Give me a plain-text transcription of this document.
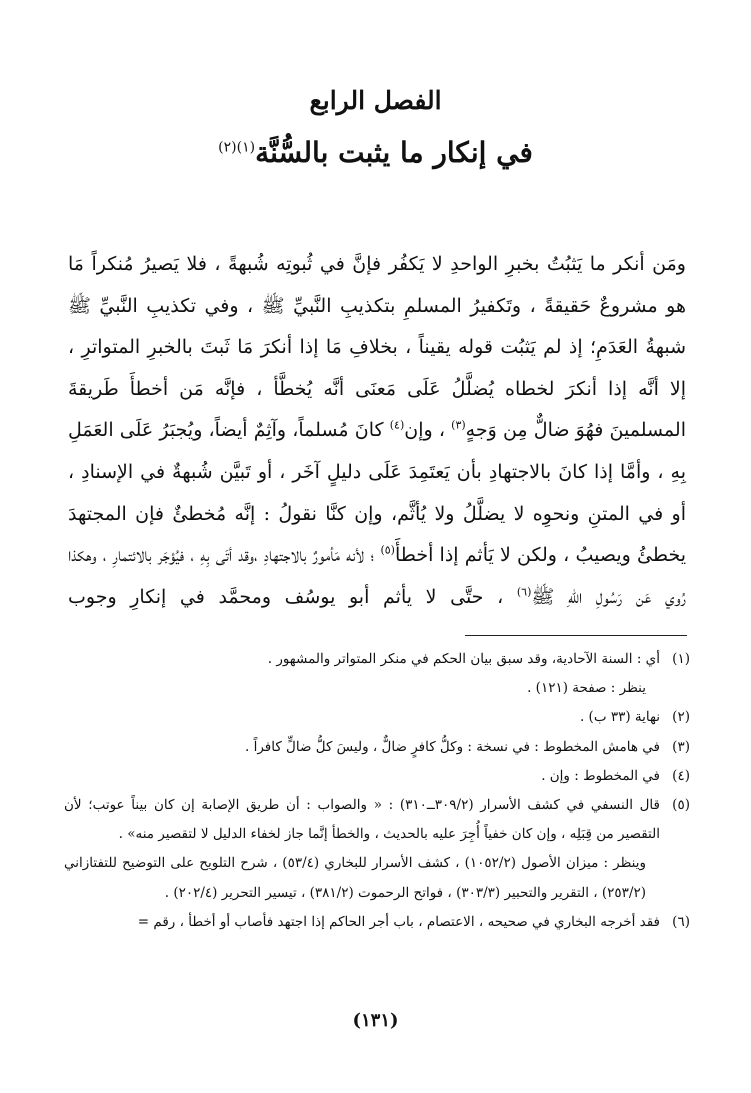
الفصل الرابع
في إنكار ما يثبت بالسُّنَّة$^{(١)(٢)}$

ومَن أنكر ما يَثبُتُ بخبرِ الواحدِ لا يَكفُر فإنَّ في ثُبوتِه شُبهةً ، فلا يَصيرُ مُنكراً مَا هو مشروعٌ حَقيقةً ، وتَكفيرُ المسلمِ بتكذيبِ النَّبيِّ ﷺ ، وفي تكذيبِ النَّبيِّ ﷺ شبهةُ العَدَمِ؛ إذ لم يَثبُت قوله يقيناً ، بخلافِ مَا إذا أنكرَ مَا ثَبتَ بالخبرِ المتواترِ ، إلا أنَّه إذا أنكرَ لخطاه يُضلَّلُ عَلَى مَعنَى أنَّه يُخطَّأ ، فإنَّه مَن أخطأَ طَريقةَ المسلمينَ فهُوَ ضالٌّ مِن وَجهٍ$^{(٣)}$ ، وإن$^{(٤)}$ كانَ مُسلماً، وآثِمٌ أيضاً، ويُجبَرُ عَلَى العَمَلِ بِهِ ، وأمَّا إذا كانَ بالاجتهادِ بأن يَعتَمِدَ عَلَى دليلٍ آخَر ، أو تَبيَّن شُبهةٌ في الإسنادِ ، أو في المتنِ ونحوِه لا يضلَّلُ ولا يُأثَّم، وإن كنَّا نقولُ : إنَّه مُخطئٌ فإن المجتهدَ يخطئُ ويصيبُ ، ولكن لا يَأثم إذا أخطأَ$^{(٥)}$ ؛ لأنه مَأمورٌ بالاجتهادِ ،وقد أتَى بِهِ ، فيُؤجَر بالائتمارِ ، وهكذا رُوي عَن رَسُولِ اللهِ ﷺ$^{(٦)}$ ، حتَّى لا يأثم أبو يوسُف ومحمَّد في إنكارِ وجوب

(١)
أي : السنة الآحادية، وقد سبق بيان الحكم في منكر المتواتر والمشهور .
ينظر : صفحة (١٢١) .
(٢)
نهاية (٣٣ ب) .
(٣)
في هامش المخطوط : في نسخة : وكلُّ كافرٍ ضالٌّ ، وليسَ كلُّ ضالٍّ كافراً .
(٤)
في المخطوط : وإن .
(٥)
قال النسفي في كشف الأسرار (٣٠٩/٢ــ٣١٠) : « والصواب : أن طريق الإصابة إن كان بيناً عوتب؛ لأن التقصير من قِبَلِه ، وإن كان خفياً أُجِرَ عليه بالحديث ، والخطأ إنَّما جاز لخفاء الدليل لا لتقصير منه» .
وينظر : ميزان الأصول (١٠٥٢/٢) ، كشف الأسرار للبخاري (٥٣/٤) ، شرح التلويح على التوضيح للتفتازاني (٢٥٣/٢) ، التقرير والتحبير (٣٠٣/٣) ، فواتح الرحموت (٣٨١/٢) ، تيسير التحرير (٢٠٢/٤) .
(٦)
فقد أخرجه البخاري في صحيحه ، الاعتصام ، باب أجر الحاكم إذا اجتهد فأصاب أو أخطأ ، رقم =
(١٣١)
